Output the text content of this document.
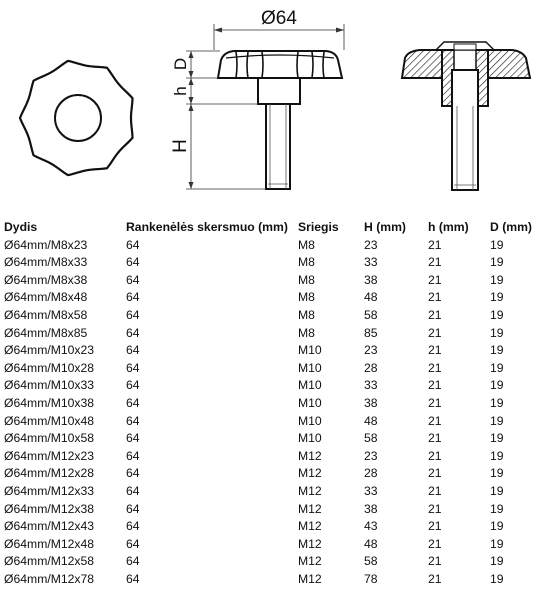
Ø64
D
h
H
Dydis	Rankenėlės skersmuo (mm)	Sriegis	H (mm)	h (mm)	D (mm)
Ø64mm/M8x23	64	M8	23	21	19
Ø64mm/M8x33	64	M8	33	21	19
Ø64mm/M8x38	64	M8	38	21	19
Ø64mm/M8x48	64	M8	48	21	19
Ø64mm/M8x58	64	M8	58	21	19
Ø64mm/M8x85	64	M8	85	21	19
Ø64mm/M10x23	64	M10	23	21	19
Ø64mm/M10x28	64	M10	28	21	19
Ø64mm/M10x33	64	M10	33	21	19
Ø64mm/M10x38	64	M10	38	21	19
Ø64mm/M10x48	64	M10	48	21	19
Ø64mm/M10x58	64	M10	58	21	19
Ø64mm/M12x23	64	M12	23	21	19
Ø64mm/M12x28	64	M12	28	21	19
Ø64mm/M12x33	64	M12	33	21	19
Ø64mm/M12x38	64	M12	38	21	19
Ø64mm/M12x43	64	M12	43	21	19
Ø64mm/M12x48	64	M12	48	21	19
Ø64mm/M12x58	64	M12	58	21	19
Ø64mm/M12x78	64	M12	78	21	19
